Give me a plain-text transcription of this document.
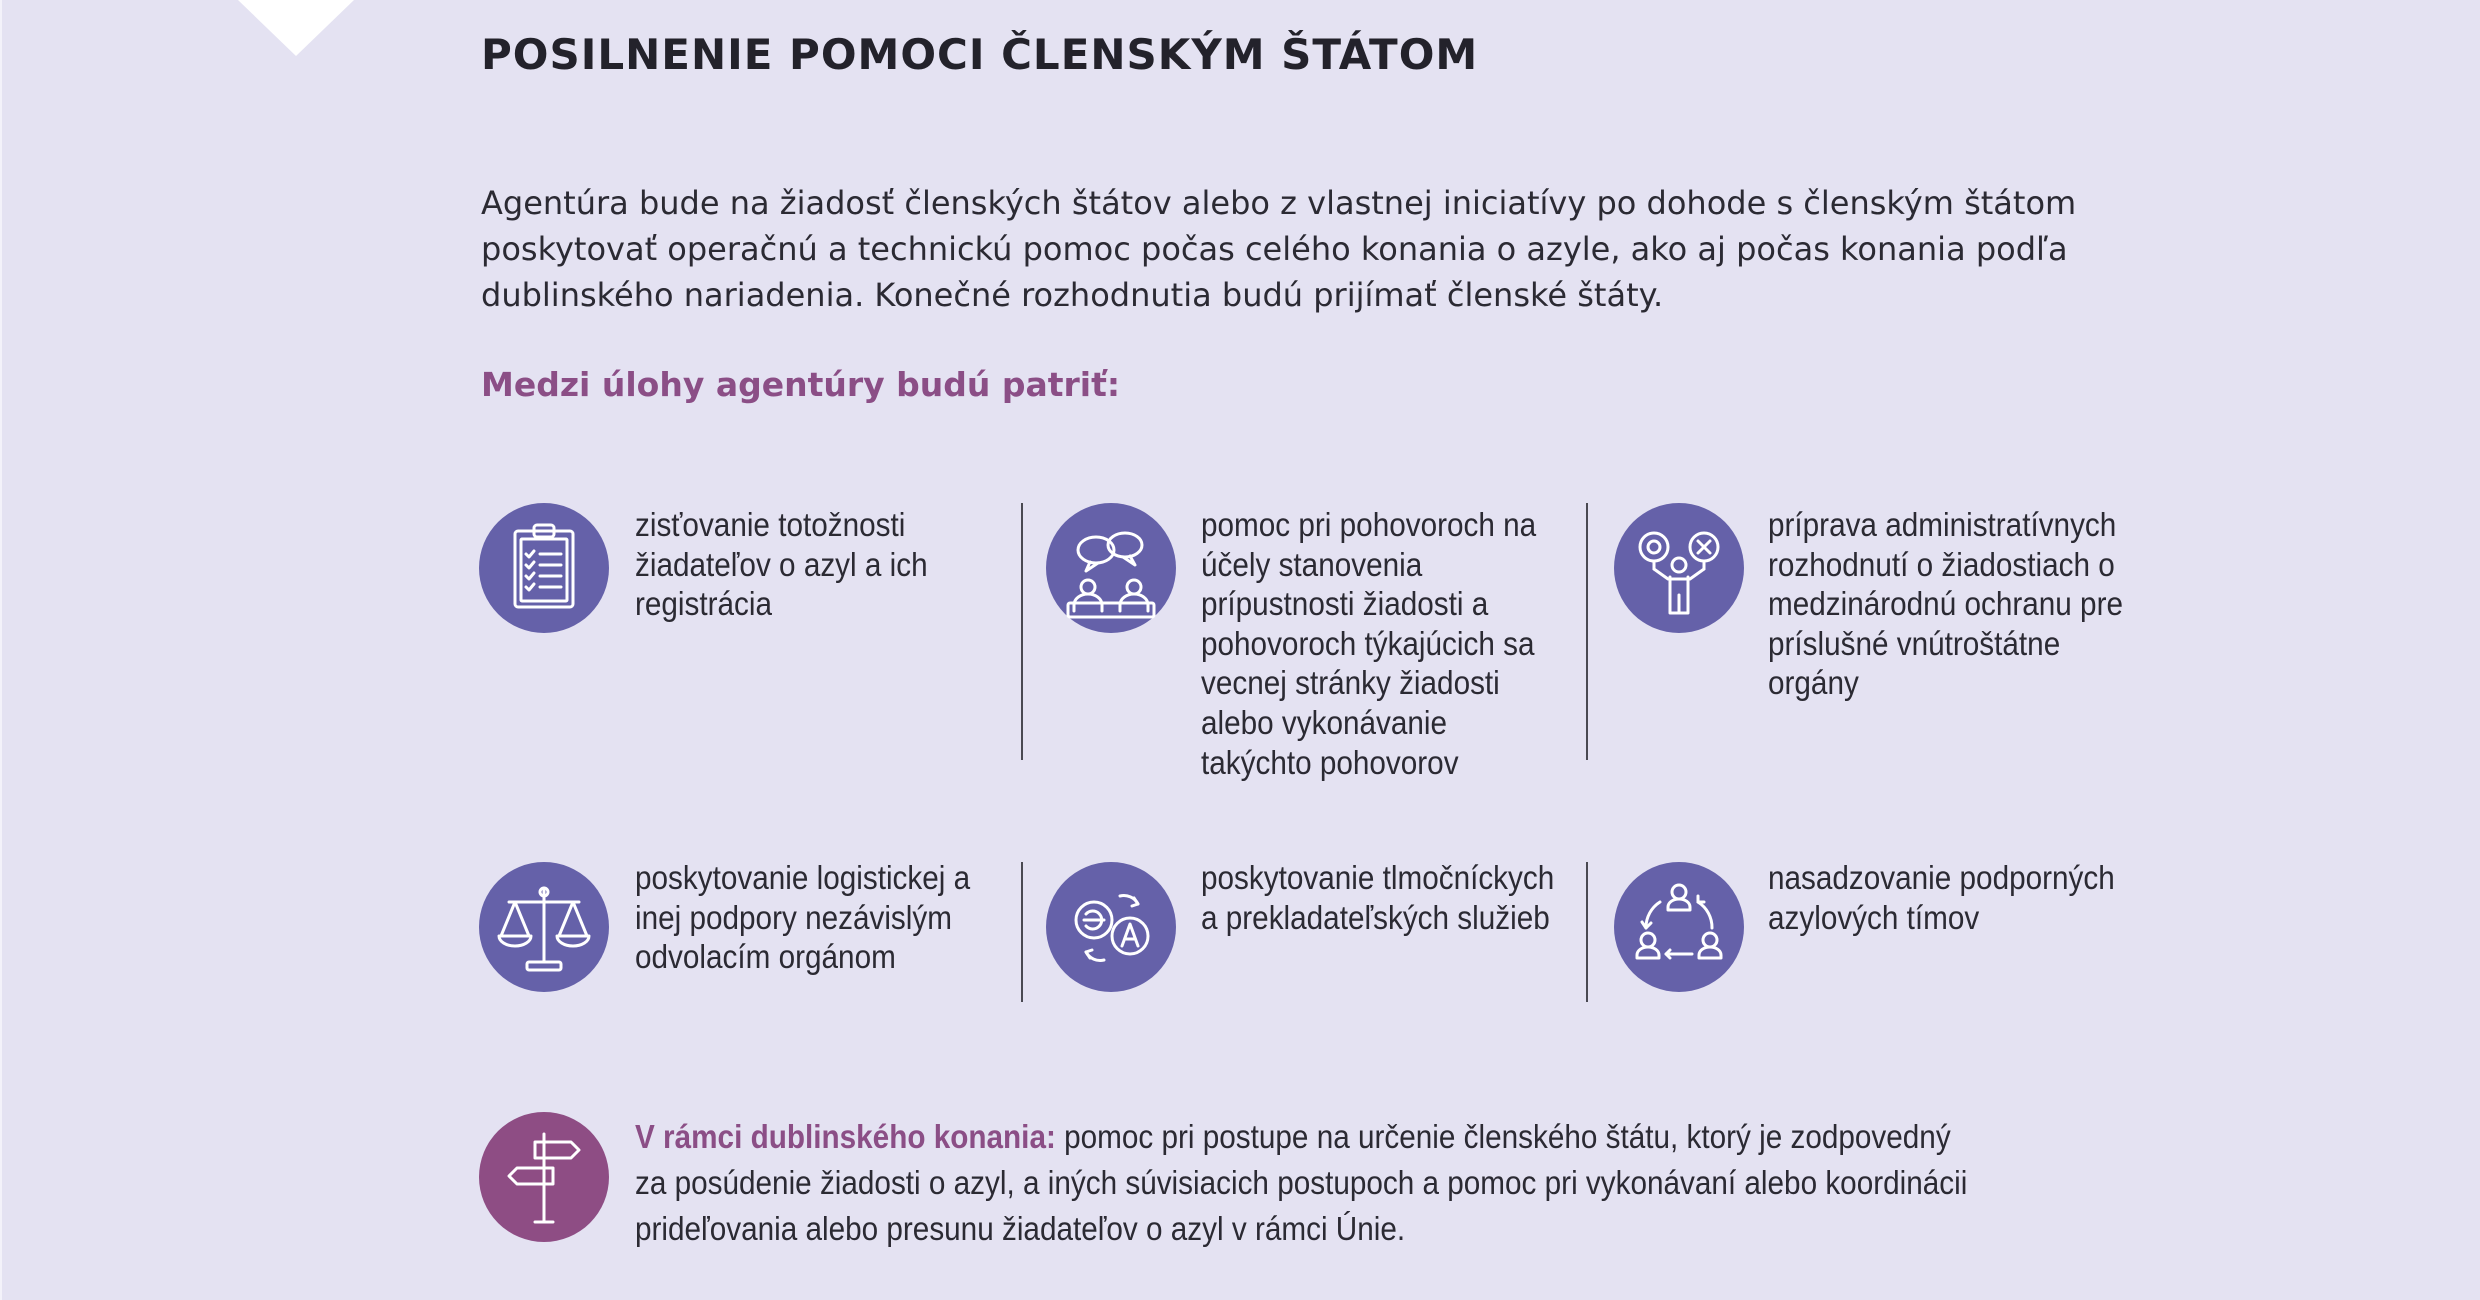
POSILNENIE POMOCI ČLENSKÝM ŠTÁTOM
Agentúra bude na žiadosť členských štátov alebo z vlastnej iniciatívy po dohode s členským štátom poskytovať operačnú a technickú pomoc počas celého konania o azyle, ako aj počas konania podľa dublinského nariadenia. Konečné rozhodnutia budú prijímať členské štáty.
Medzi úlohy agentúry budú patriť:
zisťovanie totožnosti žiadateľov o azyl a ich registrácia
pomoc pri pohovoroch na účely stanovenia prípustnosti žiadosti a pohovoroch týkajúcich sa vecnej stránky žiadosti alebo vykonávanie takýchto pohovorov
príprava administratívnych rozhodnutí o žiadostiach o medzinárodnú ochranu pre príslušné vnútroštátne orgány
poskytovanie logistickej a inej podpory nezávislým odvolacím orgánom
poskytovanie tlmočníckych a prekladateľských služieb
nasadzovanie podporných azylových tímov
V rámci dublinského konania: pomoc pri postupe na určenie členského štátu, ktorý je zodpovedný za posúdenie žiadosti o azyl, a iných súvisiacich postupoch a pomoc pri vykonávaní alebo koordinácii prideľovania alebo presunu žiadateľov o azyl v rámci Únie.
